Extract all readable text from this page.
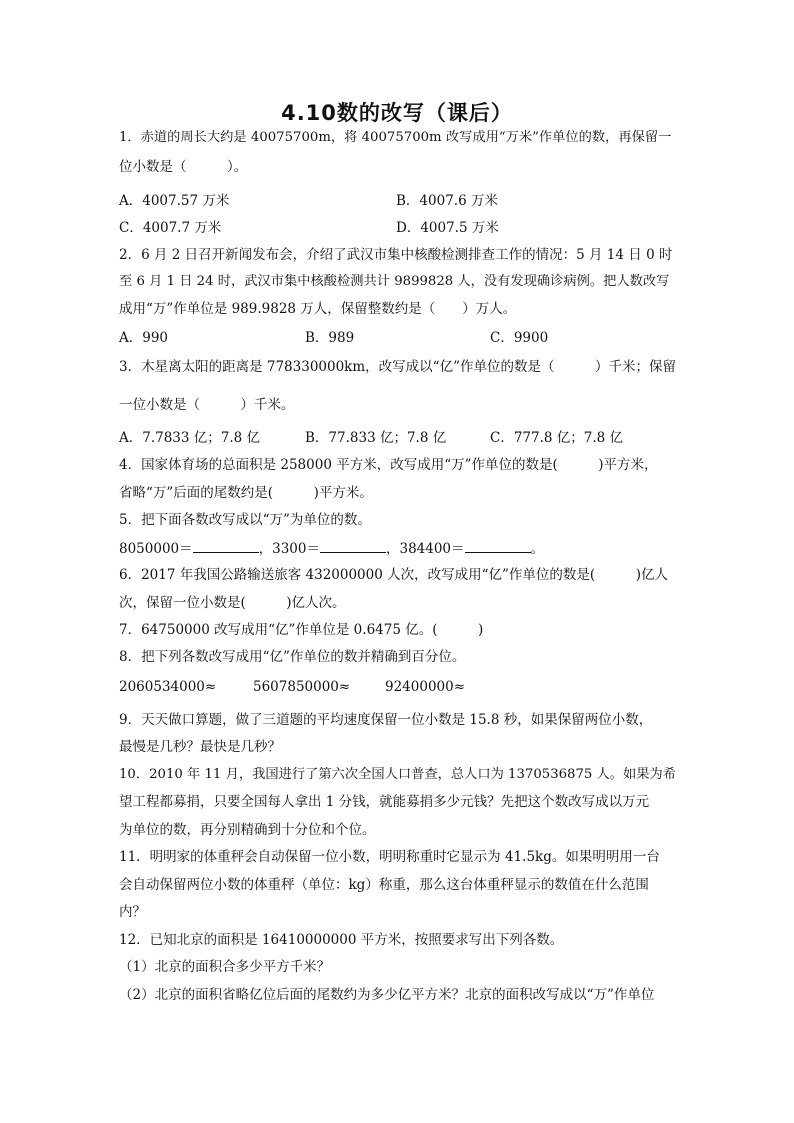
4.10数的改写（课后）
1．赤道的周长大约是 40075700m，将 40075700m 改写成用“万米”作单位的数，再保留一
位小数是（　　　）。
A．4007.57 万米	B．4007.6 万米
C．4007.7 万米	D．4007.5 万米
2．6 月 2 日召开新闻发布会，介绍了武汉市集中核酸检测排查工作的情况：5 月 14 日 0 时
至 6 月 1 日 24 时，武汉市集中核酸检测共计 9899828 人，没有发现确诊病例。把人数改写
成用“万”作单位是 989.9828 万人，保留整数约是（　　）万人。
A．990	B．989	C．9900
3．木星离太阳的距离是 778330000km，改写成以“亿”作单位的数是（　　　）千米；保留
一位小数是（　　　）千米。
A．7.7833 亿；7.8 亿	B．77.833 亿；7.8 亿	C．777.8 亿；7.8 亿
4．国家体育场的总面积是 258000 平方米，改写成用“万”作单位的数是(　　　)平方米，
省略“万”后面的尾数约是(　　　)平方米。
5．把下面各数改写成以“万”为单位的数。
8050000＝	，3300＝	，384400＝	。
6．2017 年我国公路输送旅客 432000000 人次，改写成用“亿”作单位的数是(　　　)亿人
次，保留一位小数是(　　　)亿人次。
7．64750000 改写成用“亿”作单位是 0.6475 亿。(　　　)
8．把下列各数改写成用“亿”作单位的数并精确到百分位。
2060534000≈	5607850000≈	92400000≈
9．天天做口算题，做了三道题的平均速度保留一位小数是 15.8 秒，如果保留两位小数，
最慢是几秒？最快是几秒？
10．2010 年 11 月，我国进行了第六次全国人口普查，总人口为 1370536875 人。如果为希
望工程都募捐，只要全国每人拿出 1 分钱，就能募捐多少元钱？先把这个数改写成以万元
为单位的数，再分别精确到十分位和个位。
11．明明家的体重秤会自动保留一位小数，明明称重时它显示为 41.5kg。如果明明用一台
会自动保留两位小数的体重秤（单位：kg）称重，那么这台体重秤显示的数值在什么范围
内？
12．已知北京的面积是 16410000000 平方米，按照要求写出下列各数。
（1）北京的面积合多少平方千米？
（2）北京的面积省略亿位后面的尾数约为多少亿平方米？北京的面积改写成以“万”作单位
